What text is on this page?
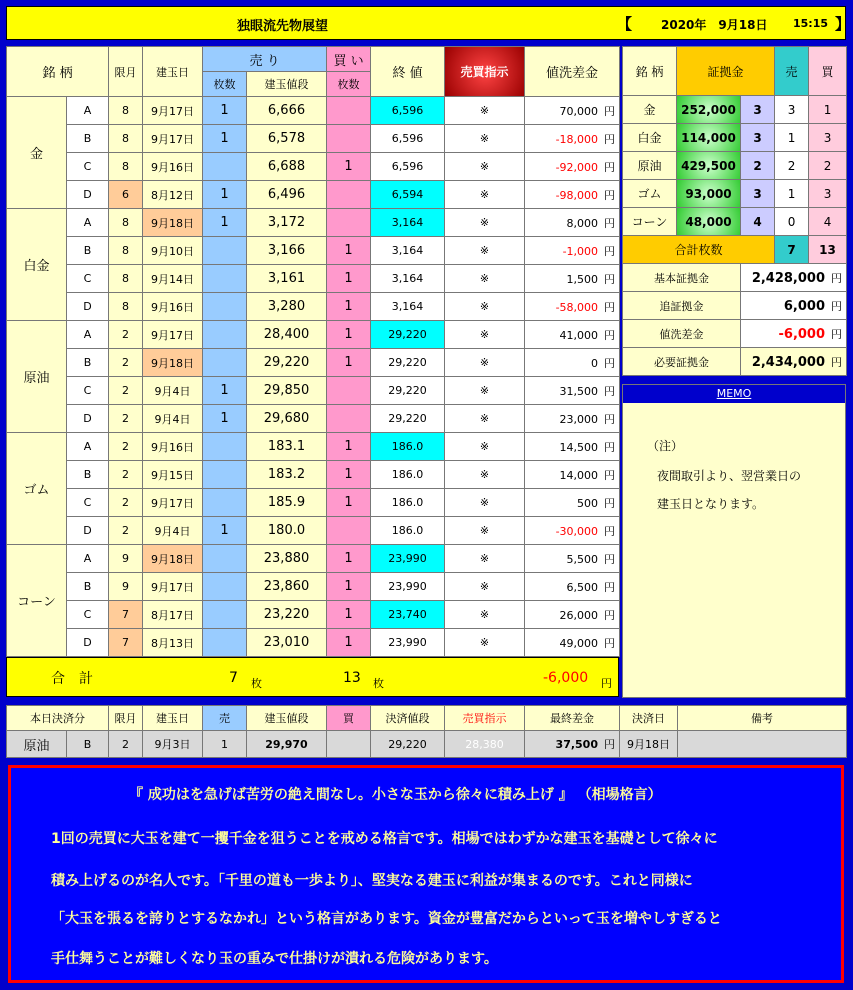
独眼流先物展望	【 2020年　9月18日 15:15 】
銘 柄		限月	建玉日	売 り		買 い	終 値	売買指示	値洗差金
				枚数	建玉値段	枚数			
金	A	8	9月17日	1	6,666		6,596	※	70,000 円
	B	8	9月17日	1	6,578		6,596	※	-18,000 円
	C	8	9月16日		6,688	1	6,596	※	-92,000 円
	D	6	8月12日	1	6,496		6,594	※	-98,000 円
白金	A	8	9月18日	1	3,172		3,164	※	8,000 円
	B	8	9月10日		3,166	1	3,164	※	-1,000 円
	C	8	9月14日		3,161	1	3,164	※	1,500 円
	D	8	9月16日		3,280	1	3,164	※	-58,000 円
原油	A	2	9月17日		28,400	1	29,220	※	41,000 円
	B	2	9月18日		29,220	1	29,220	※	0 円
	C	2	9月4日	1	29,850		29,220	※	31,500 円
	D	2	9月4日	1	29,680		29,220	※	23,000 円
ゴム	A	2	9月16日		183.1	1	186.0	※	14,500 円
	B	2	9月15日		183.2	1	186.0	※	14,000 円
	C	2	9月17日		185.9	1	186.0	※	500 円
	D	2	9月4日	1	180.0		186.0	※	-30,000 円
コーン	A	9	9月18日		23,880	1	23,990	※	5,500 円
	B	9	9月17日		23,860	1	23,990	※	6,500 円
	C	7	8月17日		23,220	1	23,740	※	26,000 円
	D	7	8月13日		23,010	1	23,990	※	49,000 円
合　計	7 枚	13 枚	-6,000 円
銘 柄	証拠金		売	買
金	252,000	3	3	1
白金	114,000	3	1	3
原油	429,500	2	2	2
ゴム	93,000	3	1	3
コーン	48,000	4	0	4
合計枚数			7	13
基本証拠金		2,428,000 円		
追証拠金		6,000 円		
値洗差金		-6,000 円		
必要証拠金		2,434,000 円		
MEMO
（注）
夜間取引より、翌営業日の
建玉日となります。
本日決済分		限月	建玉日	売	建玉値段	買	決済値段	売買指示	最終差金	決済日	備考
原油	B	2	9月3日	1	29,970		29,220	28,380	37,500 円	9月18日	
『 成功はを急げば苦労の絶え間なし。小さな玉から徐々に積み上げ 』 （相場格言）
1回の売買に大玉を建て一攫千金を狙うことを戒める格言です。相場ではわずかな建玉を基礎として徐々に
積み上げるのが名人です。「千里の道も一歩より」、堅実なる建玉に利益が集まるのです。これと同様に
「大玉を張るを誇りとするなかれ」という格言があります。資金が豊富だからといって玉を増やしすぎると
手仕舞うことが難しくなり玉の重みで仕掛けが潰れる危険があります。
